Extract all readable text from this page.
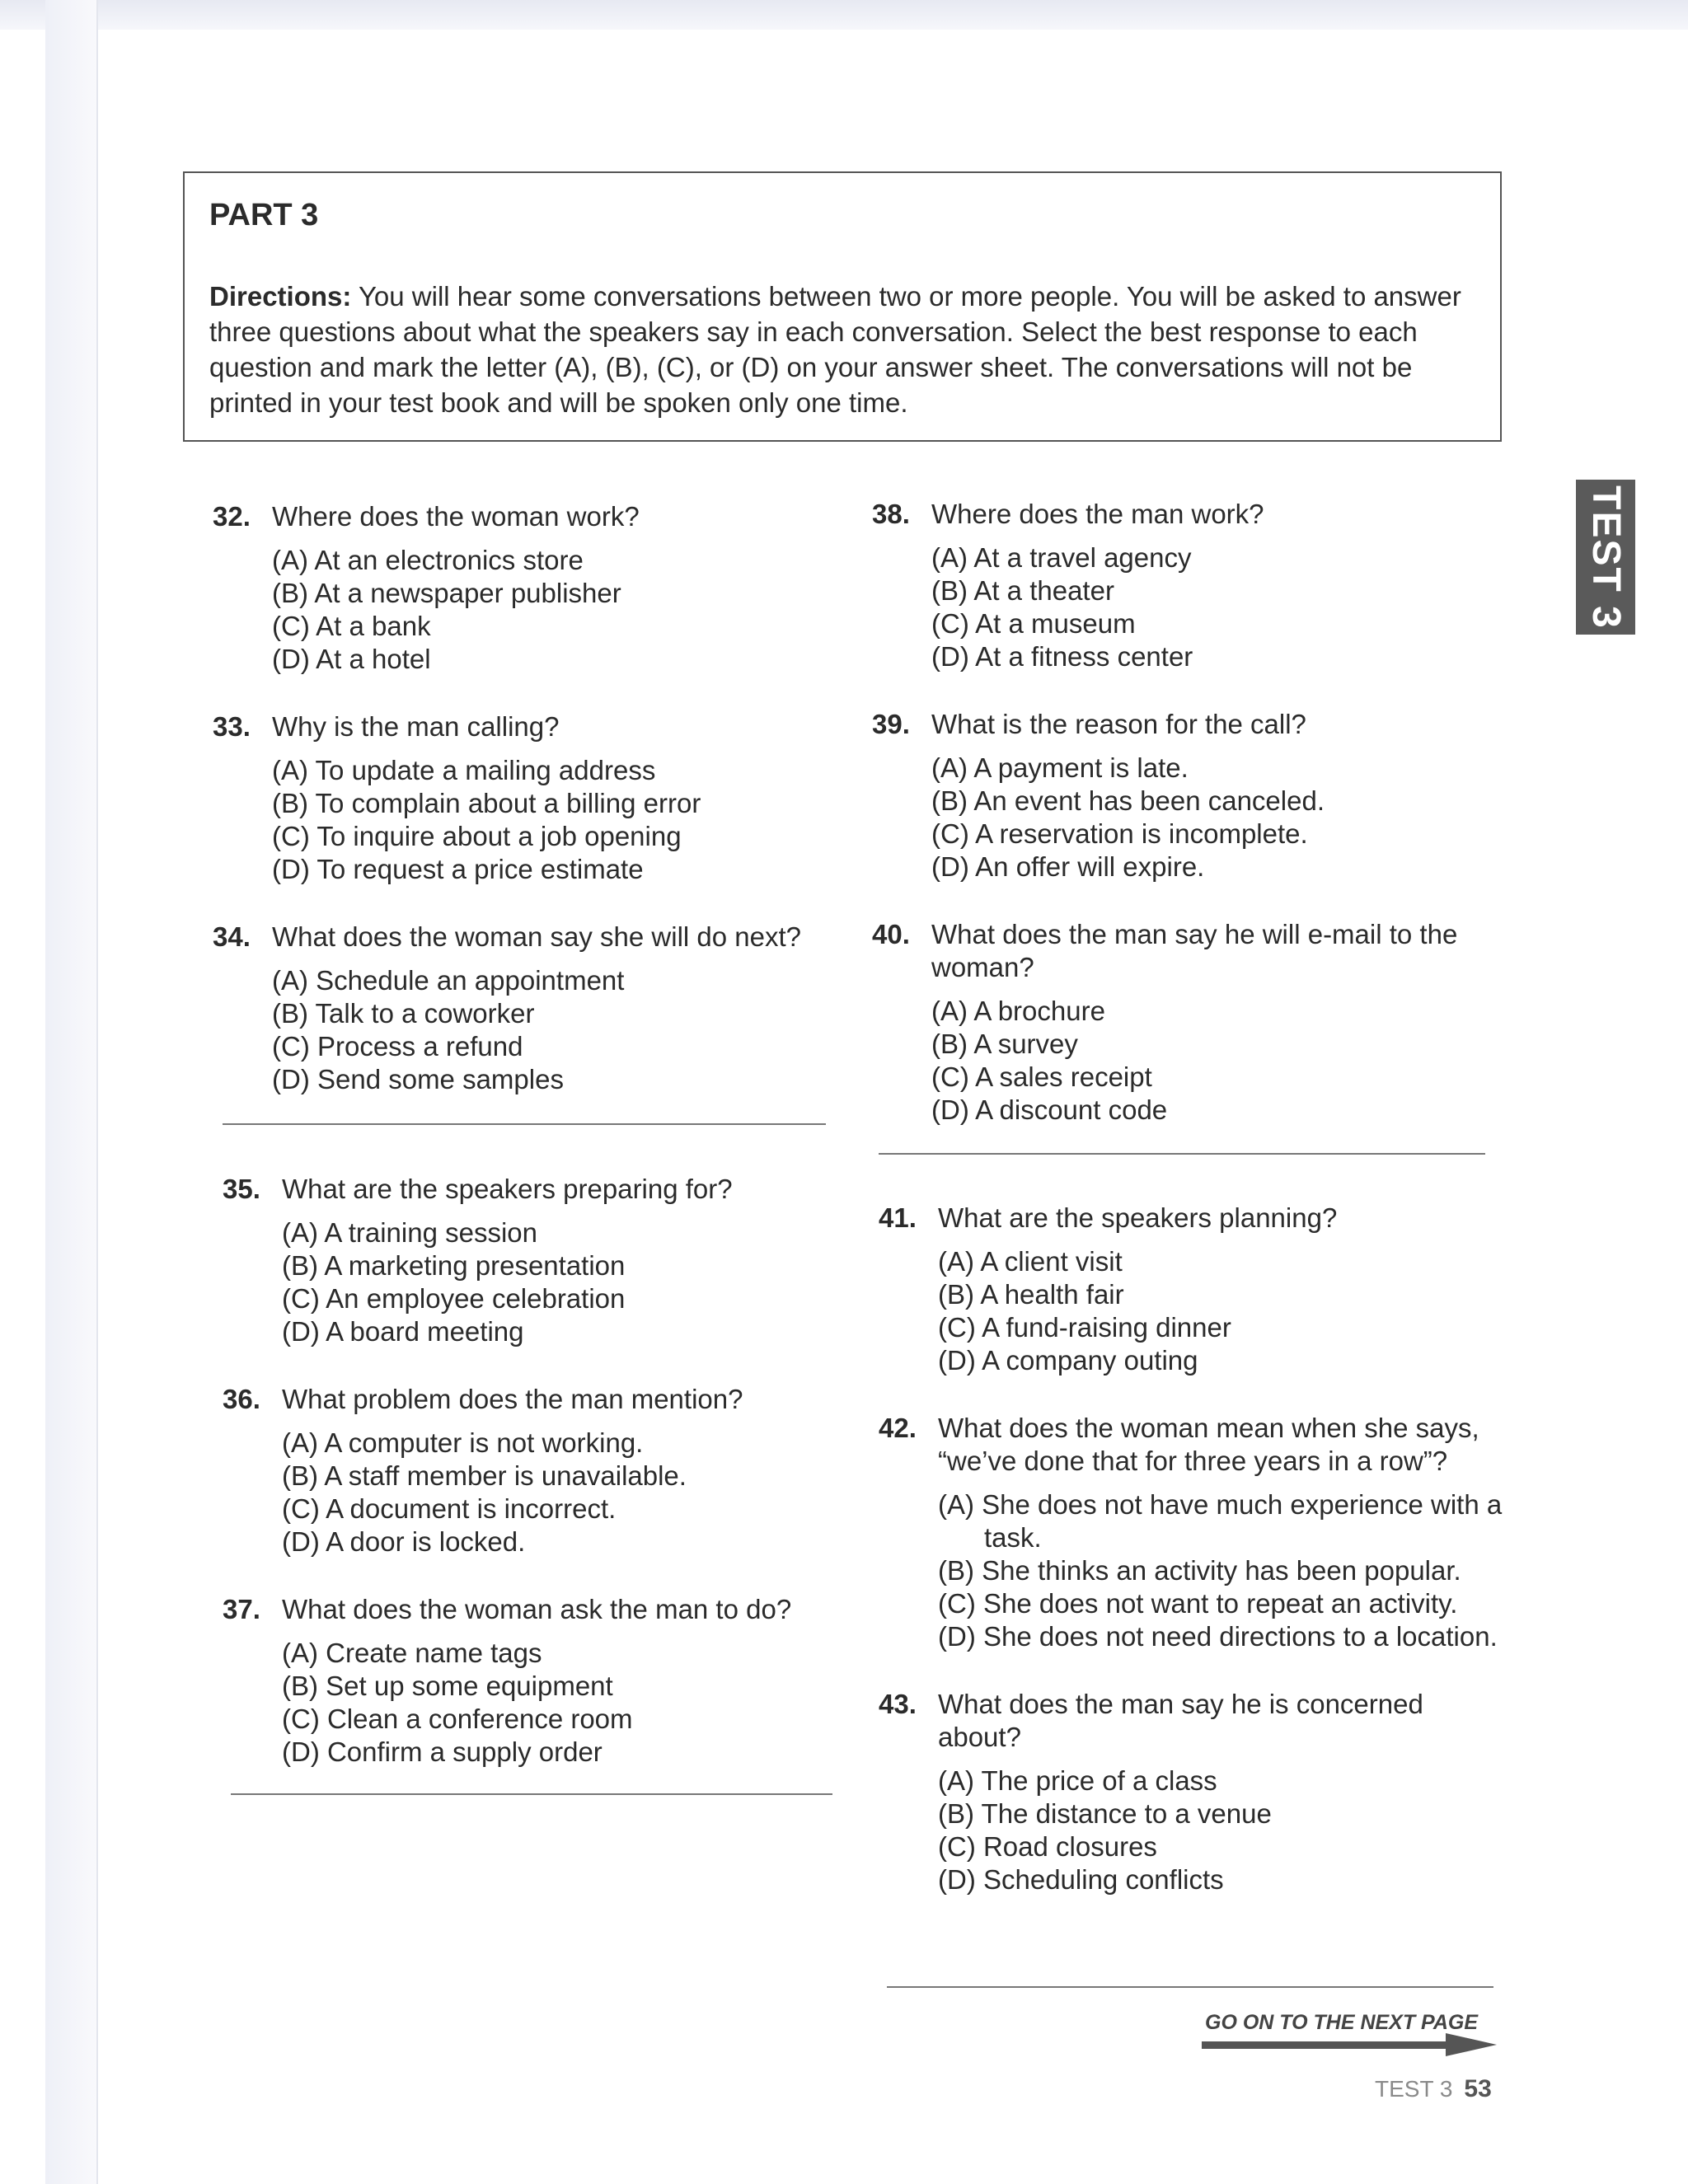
PART 3
Directions: You will hear some conversations between two or more people. You will be asked to answer three questions about what the speakers say in each conversation. Select the best response to each question and mark the letter (A), (B), (C), or (D) on your answer sheet. The conversations will not be printed in your test book and will be spoken only one time.
TEST 3
32. Where does the woman work?
(A) At an electronics store
(B) At a newspaper publisher
(C) At a bank
(D) At a hotel
33. Why is the man calling?
(A) To update a mailing address
(B) To complain about a billing error
(C) To inquire about a job opening
(D) To request a price estimate
34. What does the woman say she will do next?
(A) Schedule an appointment
(B) Talk to a coworker
(C) Process a refund
(D) Send some samples
35. What are the speakers preparing for?
(A) A training session
(B) A marketing presentation
(C) An employee celebration
(D) A board meeting
36. What problem does the man mention?
(A) A computer is not working.
(B) A staff member is unavailable.
(C) A document is incorrect.
(D) A door is locked.
37. What does the woman ask the man to do?
(A) Create name tags
(B) Set up some equipment
(C) Clean a conference room
(D) Confirm a supply order
38. Where does the man work?
(A) At a travel agency
(B) At a theater
(C) At a museum
(D) At a fitness center
39. What is the reason for the call?
(A) A payment is late.
(B) An event has been canceled.
(C) A reservation is incomplete.
(D) An offer will expire.
40. What does the man say he will e-mail to the woman?
(A) A brochure
(B) A survey
(C) A sales receipt
(D) A discount code
41. What are the speakers planning?
(A) A client visit
(B) A health fair
(C) A fund-raising dinner
(D) A company outing
42. What does the woman mean when she says, “we’ve done that for three years in a row”?
(A) She does not have much experience with a task.
(B) She thinks an activity has been popular.
(C) She does not want to repeat an activity.
(D) She does not need directions to a location.
43. What does the man say he is concerned about?
(A) The price of a class
(B) The distance to a venue
(C) Road closures
(D) Scheduling conflicts
GO ON TO THE NEXT PAGE
TEST 3 53
